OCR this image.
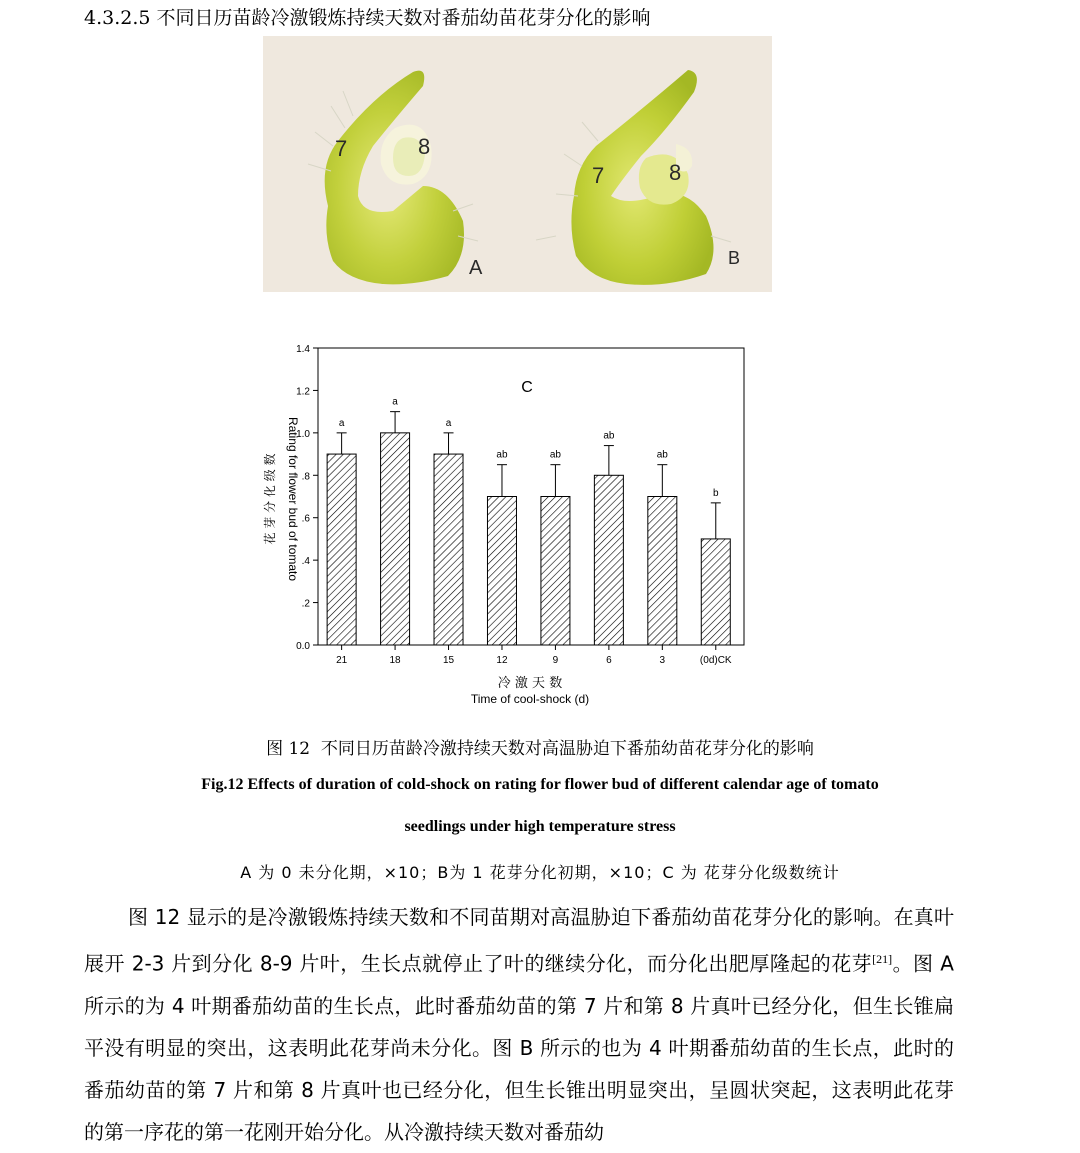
4.3.2.5 不同日历苗龄冷激锻炼持续天数对番茄幼苗花芽分化的影响
7	8
A
7	8
B
0.0
.2
.4
.6
.8
1.0
1.2
1.4
a
21
a
18
a
15
ab
12
ab
9
ab
6
ab
3
b
(0d)CK
C
冷 激 天 数
Time of cool-shock (d)
花 芽 分 化 级 数 Rating for flower bud of tomato
图 12 不同日历苗龄冷激持续天数对高温胁迫下番茄幼苗花芽分化的影响
Fig.12 Effects of duration of cold-shock on rating for flower bud of different calendar age of tomato
seedlings under high temperature stress
A 为 0 未分化期，×10；B为 1 花芽分化初期，×10；C 为 花芽分化级数统计

图 12 显示的是冷激锻炼持续天数和不同苗期对高温胁迫下番茄幼苗花芽分化的影响。在真叶展开 2-3 片到分化 8-9 片叶，生长点就停止了叶的继续分化，而分化出肥厚隆起的花芽[21]。图 A 所示的为 4 叶期番茄幼苗的生长点，此时番茄幼苗的第 7 片和第 8 片真叶已经分化，但生长锥扁平没有明显的突出，这表明此花芽尚未分化。图 B 所示的也为 4 叶期番茄幼苗的生长点，此时的番茄幼苗的第 7 片和第 8 片真叶也已经分化，但生长锥出明显突出，呈圆状突起，这表明此花芽的第一序花的第一花刚开始分化。从冷激持续天数对番茄幼
